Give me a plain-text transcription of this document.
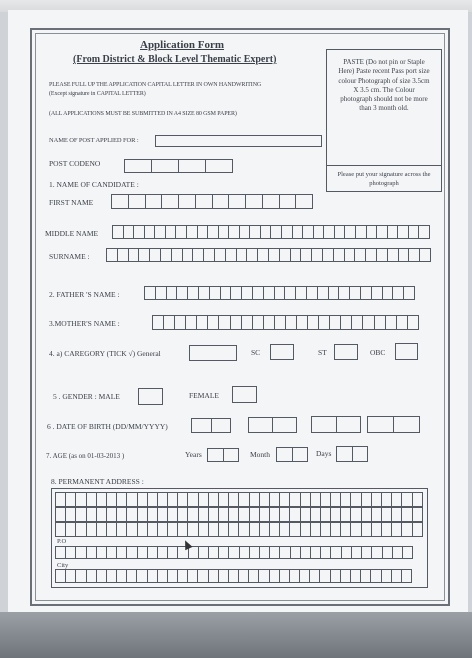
Application Form
(From District & Block Level Thematic Expert)
PLEASE FULL UP THE APPLICATION CAPITAL LETTER IN OWN HANDWRITING
(Except signature in CAPITAL LETTER)
(ALL APPLICATIONS MUST BE SUBMITTED IN A4 SIZE 80 GSM PAPER)
PASTE (Do not pin or Staple Here) Paste recent Pass port size colour Photograph of size 3.5cm X 3.5 cm. The Colour photograph should not be more than 3 month old.
Please put your signature across the photograph
NAME OF POST APPLIED FOR :
POST CODENO
1. NAME OF CANDIDATE :
FIRST NAME
MIDDLE NAME
SURNAME :
2. FATHER 'S NAME :
3.MOTHER'S NAME :
4. a) CAREGORY (TICK √) General	SC	ST	OBC
5 . GENDER : MALE	FEMALE
6 . DATE OF BIRTH (DD/MM/YYYY)
7. AGE (as on 01-03-2013 )	Years	Month	Days
8. PERMANENT ADDRESS :
P.O
City
